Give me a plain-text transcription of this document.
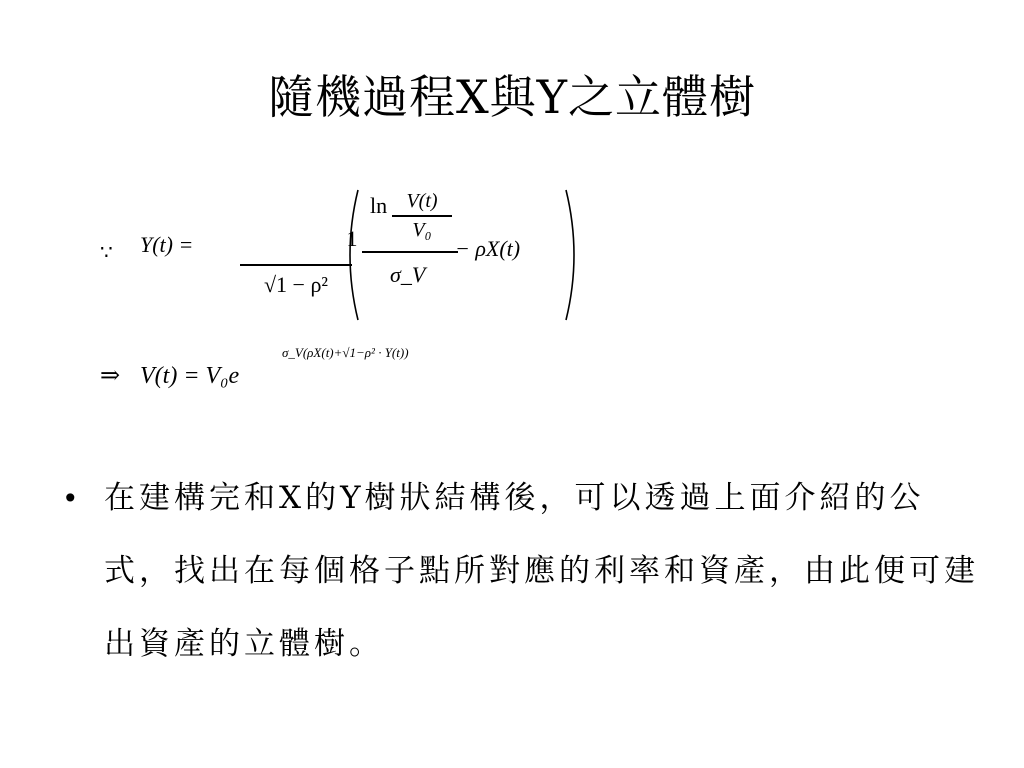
隨機過程X與Y之立體樹
∵ Y(t) =	1
√1 − ρ²
ln V(t)
V₀
σ_V
− ρX(t)
⇒ V(t) = V₀e
σ_V(ρX(t)+√1−ρ² · Y(t))
• 在建構完和X的Y樹狀結構後，可以透過上面介紹的公式，找出在每個格子點所對應的利率和資產，由此便可建出資產的立體樹。
